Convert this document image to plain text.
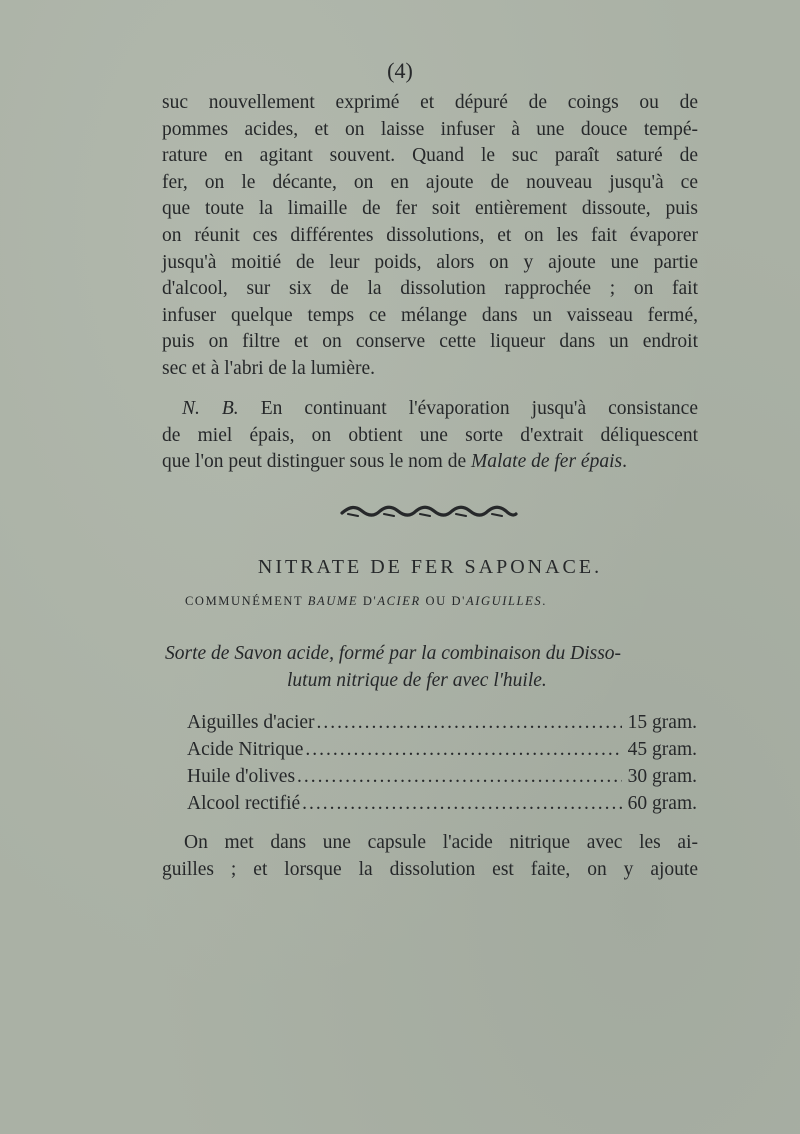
(4)
suc nouvellement exprimé et dépuré de coings ou de
pommes acides, et on laisse infuser à une douce tempé-
rature en agitant souvent. Quand le suc paraît saturé de
fer, on le décante, on en ajoute de nouveau jusqu'à ce
que toute la limaille de fer soit entièrement dissoute, puis
on réunit ces différentes dissolutions, et on les fait évaporer
jusqu'à moitié de leur poids, alors on y ajoute une partie
d'alcool, sur six de la dissolution rapprochée ; on fait
infuser quelque temps ce mélange dans un vaisseau fermé,
puis on filtre et on conserve cette liqueur dans un endroit
sec et à l'abri de la lumière.
N. B. En continuant l'évaporation jusqu'à consistance
de miel épais, on obtient une sorte d'extrait déliquescent
que l'on peut distinguer sous le nom de Malate de fer épais.
NITRATE DE FER SAPONACE.
COMMUNÉMENT BAUME D'ACIER OU D'AIGUILLES.
Sorte de Savon acide, formé par la combinaison du Disso-
lutum nitrique de fer avec l'huile.
Aiguilles d'acier .....	15 gram.
Acide Nitrique .....	45 gram.
Huile d'olives .....	30 gram.
Alcool rectifié .....	60 gram.
On met dans une capsule l'acide nitrique avec les ai-
guilles ; et lorsque la dissolution est faite, on y ajoute
